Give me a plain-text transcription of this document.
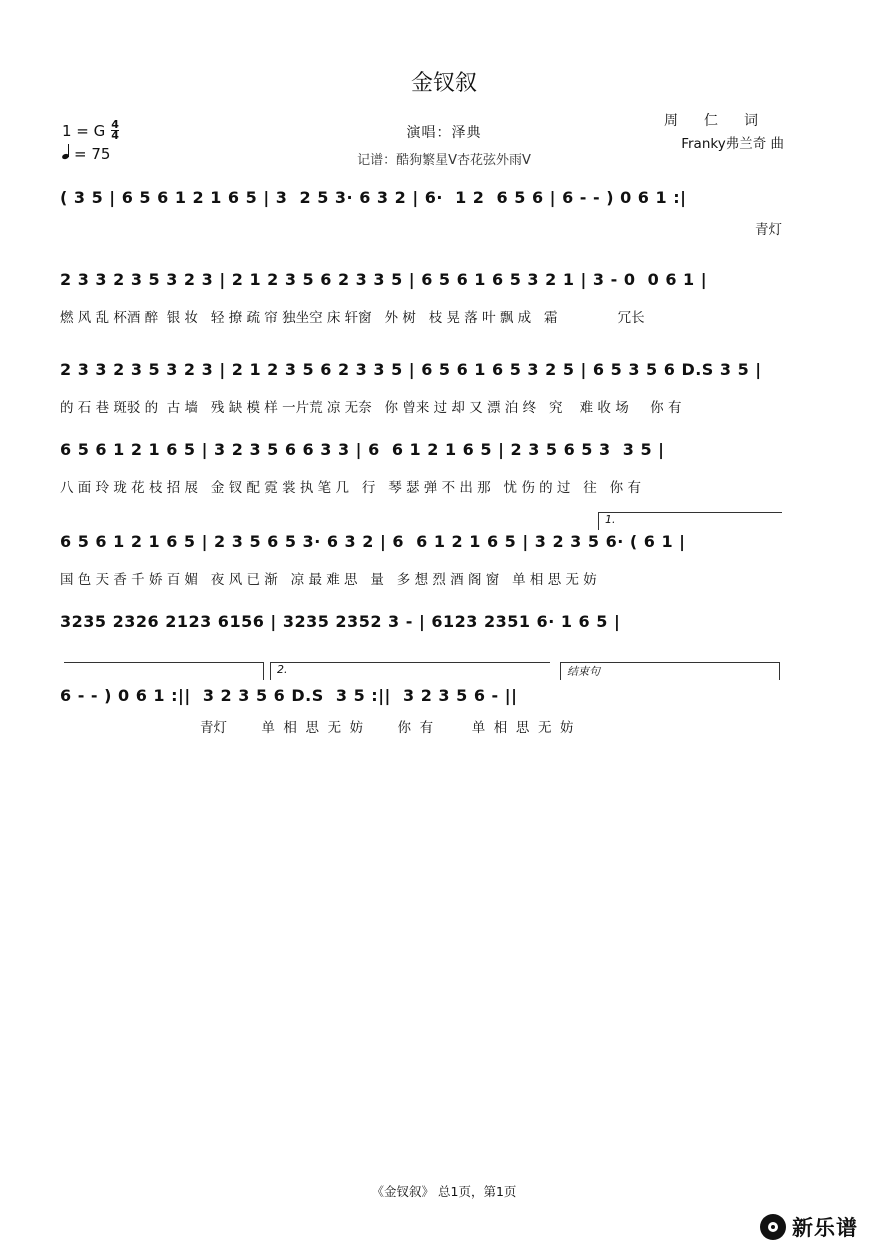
金钗叙
1 = G 4
4
= 75
演唱：泽典
记谱：酷狗繁星V杏花弦外雨V
周仁词
Franky弗兰奇 曲
( 3 5 | 6 5 6 1 2 1 6 5 | 3  2 5 3· 6 3 2 | 6·  1 2  6 5 6 | 6 - - ) 0 6 1 :|
青灯
2 3 3 2 3 5 3 2 3 | 2 1 2 3 5 6 2 3 3 5 | 6 5 6 1 6 5 3 2 1 | 3 - 0  0 6 1 |
燃 风 乱 杯酒 醉  银 妆   轻 撩 疏 帘 独坐空 床 轩窗   外 树   枝 晃 落 叶 飘 成   霜              冗长
2 3 3 2 3 5 3 2 3 | 2 1 2 3 5 6 2 3 3 5 | 6 5 6 1 6 5 3 2 5 | 6 5 3 5 6 D.S 3 5 |
的 石 巷 斑驳 的  古 墙   残 缺 模 样 一片荒 凉 无奈   你 曾来 过 却 又 漂 泊 终   究    难 收 场     你 有
6 5 6 1 2 1 6 5 | 3 2 3 5 6 6 3 3 | 6  6 1 2 1 6 5 | 2 3 5 6 5 3  3 5 |
八 面 玲 珑 花 枝 招 展   金 钗 配 霓 裳 执 笔 几   行   琴 瑟 弹 不 出 那   忧 伤 的 过   往   你 有
1.
6 5 6 1 2 1 6 5 | 2 3 5 6 5 3· 6 3 2 | 6  6 1 2 1 6 5 | 3 2 3 5 6· ( 6 1 |
国 色 天 香 千 娇 百 媚   夜 风 已 渐   凉 最 难 思   量   多 想 烈 酒 阁 窗   单 相 思 无 妨
3235 2326 2123 6156 | 3235 2352 3 - | 6123 2351 6· 1 6 5 |
2.	结束句
6 - - ) 0 6 1 :||  3 2 3 5 6 D.S  3 5 :||  3 2 3 5 6 - ||
青灯        单  相  思  无  妨        你  有         单  相  思  无  妨
《金钗叙》 总1页，第1页
新乐谱
